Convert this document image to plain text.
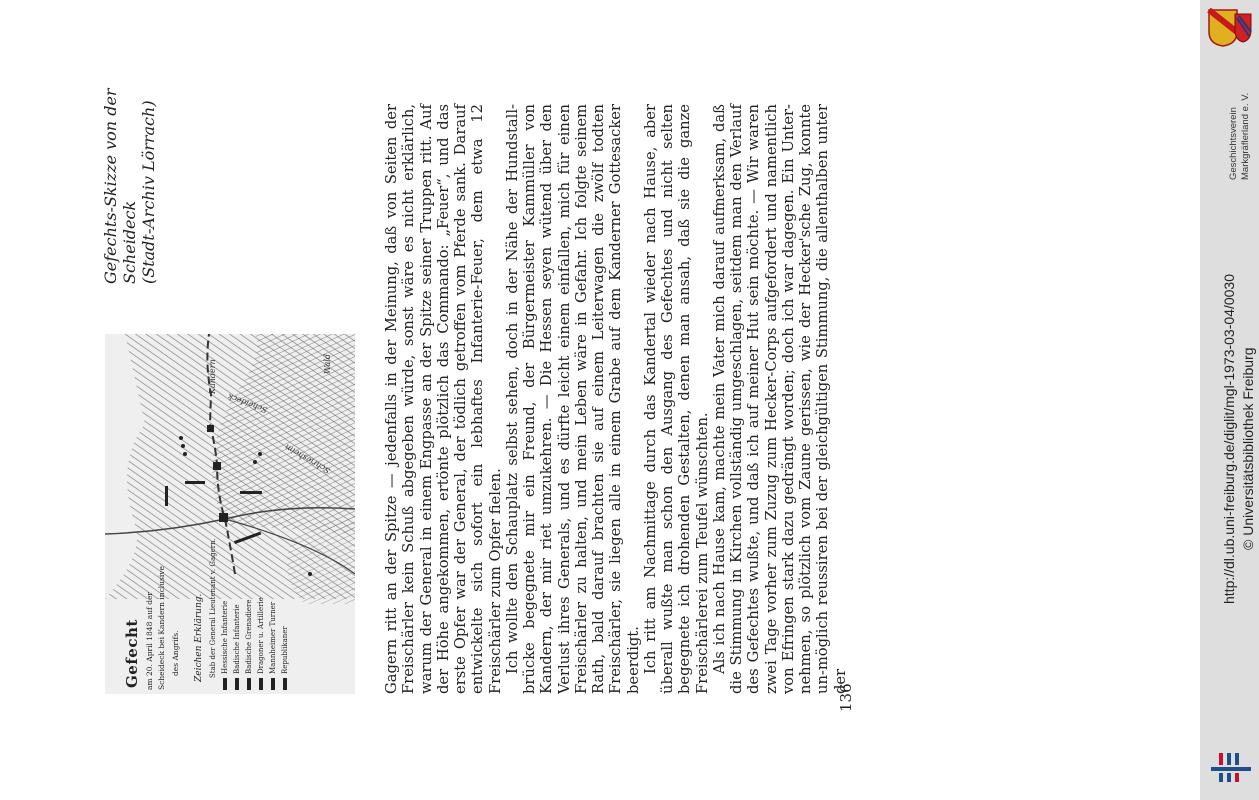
Geschichtsverein Markgräflerland e. V.
http://dl.ub.uni-freiburg.de/diglit/mgl-1973-03-04/0030 © Universitätsbibliothek Freiburg
Gefecht am 20. April 1848 auf der Scheideck bei Kandern inclusive des Angrifs. Zeichen Erklärung. Stab der General Lieutenant v. Gagern. Hessische Infanterie Badische Infanterie Badische Grenadiere Dragoner u. Artillerie Mannheimer Turner Republikaner
Scheideck
Kandern
Schriesheim
Wald
Gefechts-Skizze von der Scheideck (Stadt-Archiv Lörrach)	Gagern ritt an der Spitze — jedenfalls in der Meinung, daß von Seiten der Freischärler kein Schuß abgegeben würde, sonst wäre es nicht erklärlich, warum der General in einem Engpasse an der Spitze seiner Truppen ritt. Auf der Höhe angekommen, ertönte plötzlich das Commando: „Feuer“, und das erste Opfer war der General, der tödlich getroffen vom Pferde sank. Darauf entwickelte sich sofort ein lebhaftes Infanterie-Feuer, dem etwa 12 Freischärler zum Opfer fielen. Ich wollte den Schauplatz selbst sehen, doch in der Nähe der Hundstall-brücke begegnete mir ein Freund, der Bürgermeister Kammüller von Kandern, der mir riet umzukehren. — Die Hessen seyen wütend über den Verlust ihres Generals, und es dürfte leicht einem einfallen, mich für einen Freischärler zu halten, und mein Leben wäre in Gefahr. Ich folgte seinem Rath, bald darauf brachten sie auf einem Leiterwagen die zwölf todten Freischärler, sie liegen alle in einem Grabe auf dem Kanderner Gottesacker beerdigt. Ich ritt am Nachmittage durch das Kandertal wieder nach Hause, aber überall wußte man schon den Ausgang des Gefechtes und nicht selten begegnete ich drohenden Gestalten, denen man ansah, daß sie die ganze Freischärlerei zum Teufel wünschten. Als ich nach Hause kam, machte mein Vater mich darauf aufmerksam, daß die Stimmung in Kirchen vollständig umgeschlagen, seitdem man den Verlauf des Gefechtes wußte, und daß ich auf meiner Hut sein möchte. — Wir waren zwei Tage vorher zum Zuzug zum Hecker-Corps aufgefordert und namentlich von Efringen stark dazu gedrängt worden; doch ich war dagegen. Ein Unter-nehmen, so plötzlich vom Zaune gerissen, wie der Hecker'sche Zug, konnte un-möglich reussiren bei der gleichgültigen Stimmung, die allenthalben unter der

136
